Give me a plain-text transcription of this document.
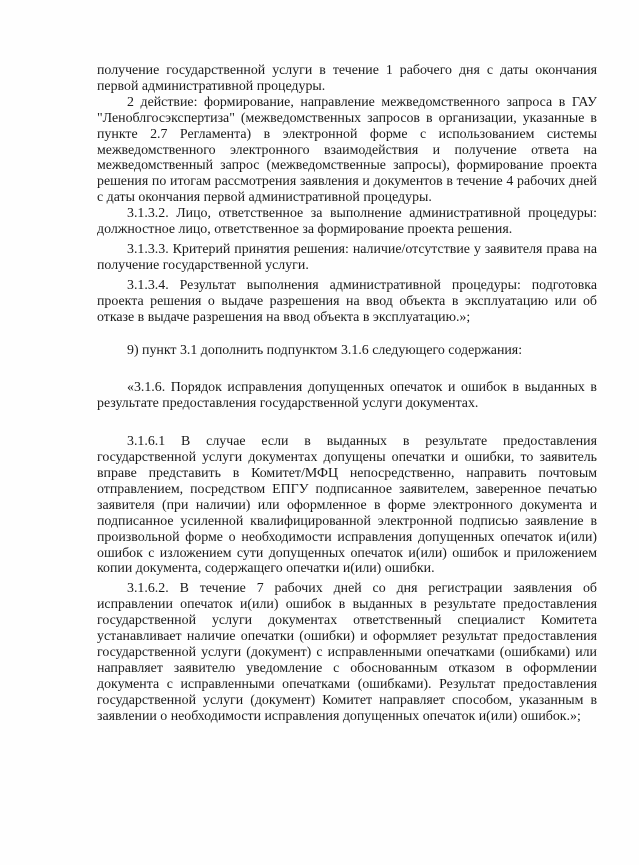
получение государственной услуги в течение 1 рабочего дня с даты окончания первой административной процедуры.

2 действие: формирование, направление межведомственного запроса в ГАУ "Леноблгосэкспертиза" (межведомственных запросов в организации, указанные в пункте 2.7 Регламента) в электронной форме с использованием системы межведомственного электронного взаимодействия и получение ответа на межведомственный запрос (межведомственные запросы), формирование проекта решения по итогам рассмотрения заявления и документов в течение 4 рабочих дней с даты окончания первой административной процедуры.

3.1.3.2. Лицо, ответственное за выполнение административной процедуры: должностное лицо, ответственное за формирование проекта решения.

3.1.3.3. Критерий принятия решения: наличие/отсутствие у заявителя права на получение государственной услуги.

3.1.3.4. Результат выполнения административной процедуры: подготовка проекта решения о выдаче разрешения на ввод объекта в эксплуатацию или об отказе в выдаче разрешения на ввод объекта в эксплуатацию.»;

9) пункт 3.1 дополнить подпунктом 3.1.6 следующего содержания:

«3.1.6. Порядок исправления допущенных опечаток и ошибок в выданных в результате предоставления государственной услуги документах.

3.1.6.1 В случае если в выданных в результате предоставления государственной услуги документах допущены опечатки и ошибки, то заявитель вправе представить в Комитет/МФЦ непосредственно, направить почтовым отправлением, посредством ЕПГУ подписанное заявителем, заверенное печатью заявителя (при наличии) или оформленное в форме электронного документа и подписанное усиленной квалифицированной электронной подписью заявление в произвольной форме о необходимости исправления допущенных опечаток и(или) ошибок с изложением сути допущенных опечаток и(или) ошибок и приложением копии документа, содержащего опечатки и(или) ошибки.

3.1.6.2. В течение 7 рабочих дней со дня регистрации заявления об исправлении опечаток и(или) ошибок в выданных в результате предоставления государственной услуги документах ответственный специалист Комитета устанавливает наличие опечатки (ошибки) и оформляет результат предоставления государственной услуги (документ) с исправленными опечатками (ошибками) или направляет заявителю уведомление с обоснованным отказом в оформлении документа с исправленными опечатками (ошибками). Результат предоставления государственной услуги (документ) Комитет направляет способом, указанным в заявлении о необходимости исправления допущенных опечаток и(или) ошибок.»;
